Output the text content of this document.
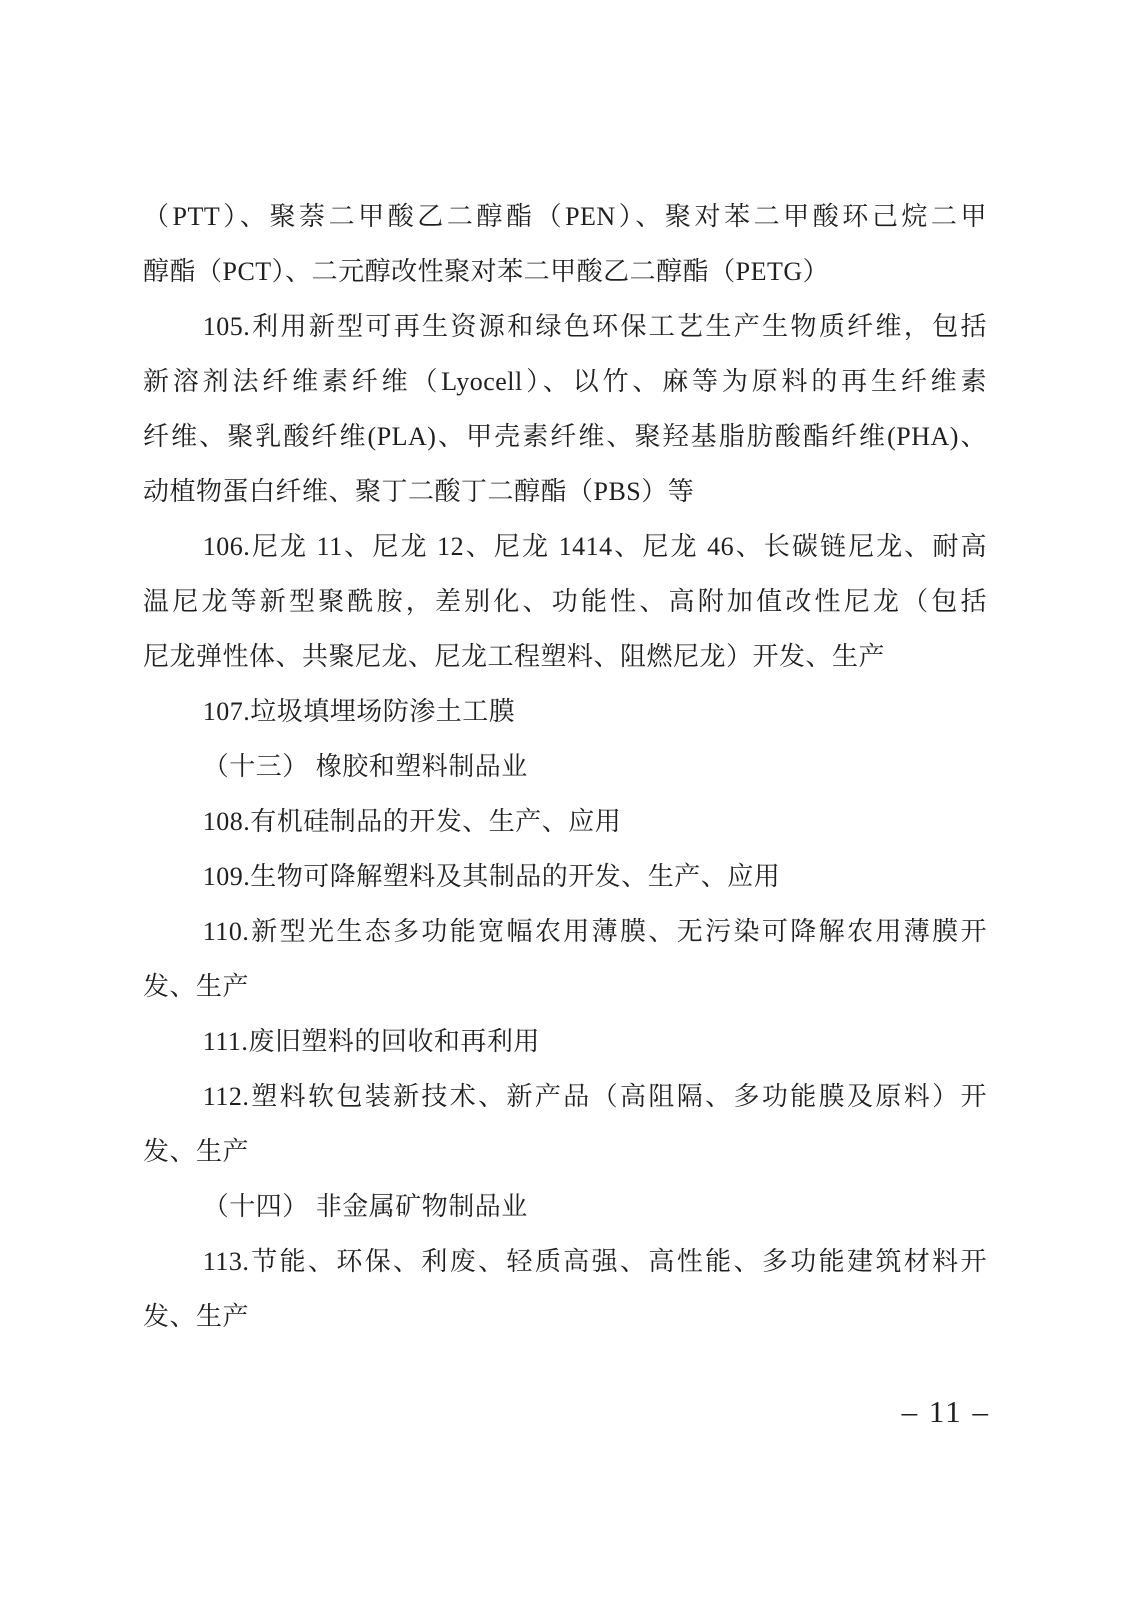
（PTT）、聚萘二甲酸乙二醇酯（PEN）、聚对苯二甲酸环己烷二甲
醇酯（PCT）、二元醇改性聚对苯二甲酸乙二醇酯（PETG）
105.利用新型可再生资源和绿色环保工艺生产生物质纤维，包括
新溶剂法纤维素纤维（Lyocell）、以竹、麻等为原料的再生纤维素
纤维、聚乳酸纤维(PLA)、甲壳素纤维、聚羟基脂肪酸酯纤维(PHA)、
动植物蛋白纤维、聚丁二酸丁二醇酯（PBS）等
106.尼龙 11、尼龙 12、尼龙 1414、尼龙 46、长碳链尼龙、耐高
温尼龙等新型聚酰胺，差别化、功能性、高附加值改性尼龙（包括
尼龙弹性体、共聚尼龙、尼龙工程塑料、阻燃尼龙）开发、生产
107.垃圾填埋场防渗土工膜
（十三） 橡胶和塑料制品业
108.有机硅制品的开发、生产、应用
109.生物可降解塑料及其制品的开发、生产、应用
110.新型光生态多功能宽幅农用薄膜、无污染可降解农用薄膜开
发、生产
111.废旧塑料的回收和再利用
112.塑料软包装新技术、新产品（高阻隔、多功能膜及原料）开
发、生产
（十四） 非金属矿物制品业
113.节能、环保、利废、轻质高强、高性能、多功能建筑材料开
发、生产
– 11 –
